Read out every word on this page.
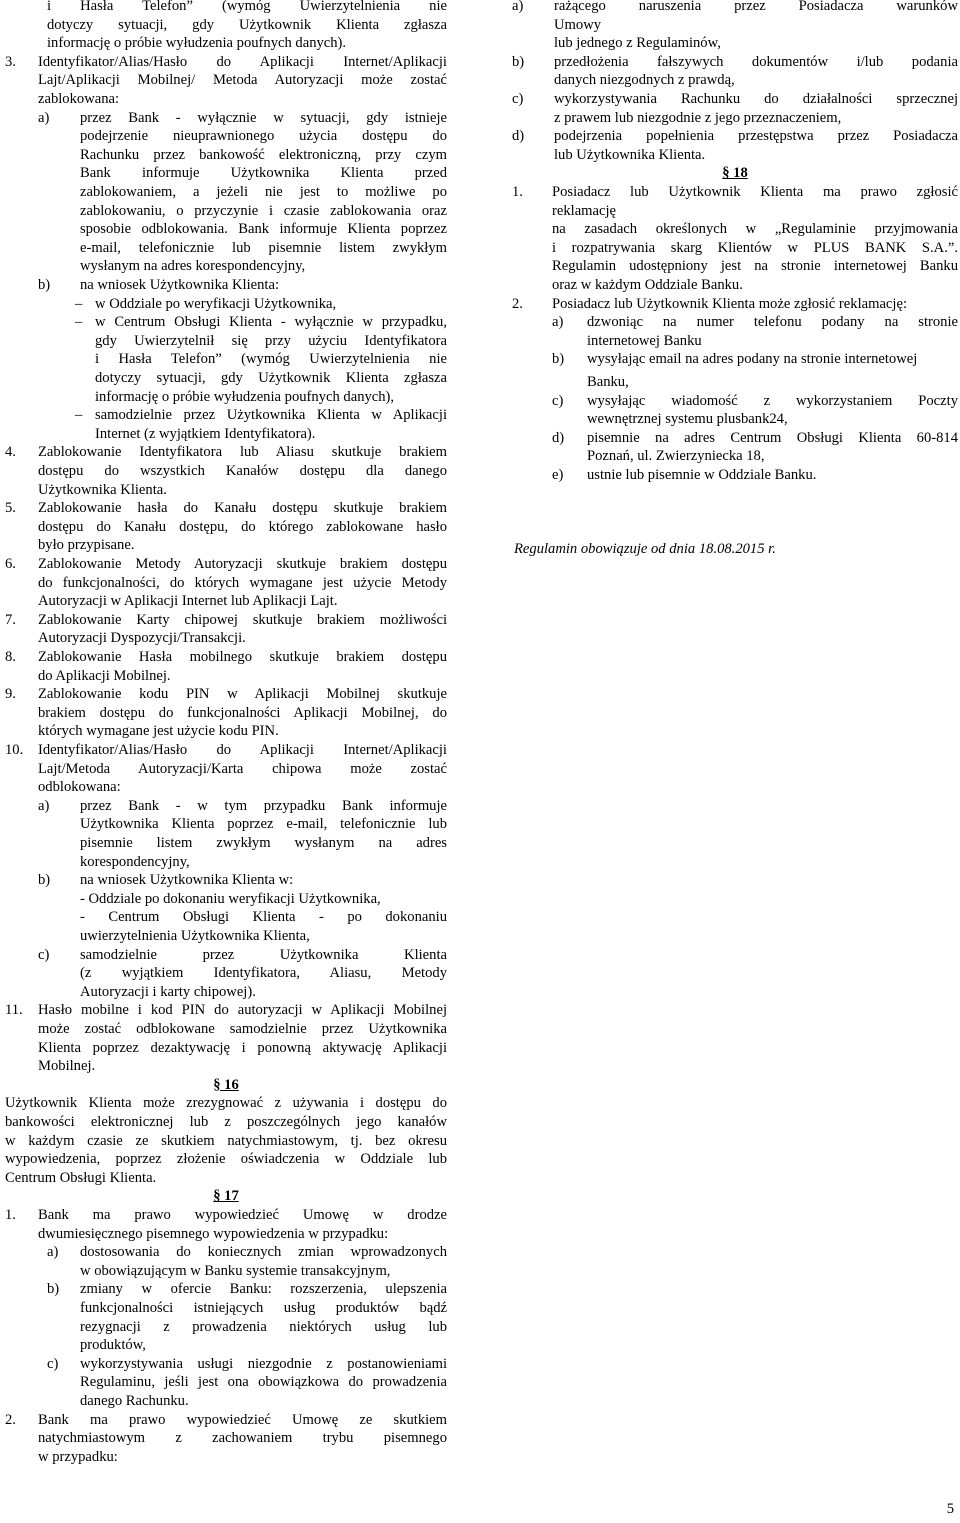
i Hasła Telefon” (wymóg Uwierzytelnienia nie
dotyczy sytuacji, gdy Użytkownik Klienta zgłasza
informację o próbie wyłudzenia poufnych danych).
3. Identyfikator/Alias/Hasło do Aplikacji Internet/Aplikacji
Lajt/Aplikacji Mobilnej/ Metoda Autoryzacji może zostać
zablokowana:
a) przez Bank - wyłącznie w sytuacji, gdy istnieje
podejrzenie nieuprawnionego użycia dostępu do
Rachunku przez bankowość elektroniczną, przy czym
Bank informuje Użytkownika Klienta przed
zablokowaniem, a jeżeli nie jest to możliwe po
zablokowaniu, o przyczynie i czasie zablokowania oraz
sposobie odblokowania. Bank informuje Klienta poprzez
e-mail, telefonicznie lub pisemnie listem zwykłym
wysłanym na adres korespondencyjny,
b) na wniosek Użytkownika Klienta:
– w Oddziale po weryfikacji Użytkownika,
– w Centrum Obsługi Klienta - wyłącznie w przypadku,
gdy Uwierzytelnił się przy użyciu Identyfikatora
i Hasła Telefon” (wymóg Uwierzytelnienia nie
dotyczy sytuacji, gdy Użytkownik Klienta zgłasza
informację o próbie wyłudzenia poufnych danych),
– samodzielnie przez Użytkownika Klienta w Aplikacji
Internet (z wyjątkiem Identyfikatora).
4. Zablokowanie Identyfikatora lub Aliasu skutkuje brakiem
dostępu do wszystkich Kanałów dostępu dla danego
Użytkownika Klienta.
5. Zablokowanie hasła do Kanału dostępu skutkuje brakiem
dostępu do Kanału dostępu, do którego zablokowane hasło
było przypisane.
6. Zablokowanie Metody Autoryzacji skutkuje brakiem dostępu
do funkcjonalności, do których wymagane jest użycie Metody
Autoryzacji w Aplikacji Internet lub Aplikacji Lajt.
7. Zablokowanie Karty chipowej skutkuje brakiem możliwości
Autoryzacji Dyspozycji/Transakcji.
8. Zablokowanie Hasła mobilnego skutkuje brakiem dostępu
do Aplikacji Mobilnej.
9. Zablokowanie kodu PIN w Aplikacji Mobilnej skutkuje
brakiem dostępu do funkcjonalności Aplikacji Mobilnej, do
których wymagane jest użycie kodu PIN.
10. Identyfikator/Alias/Hasło do Aplikacji Internet/Aplikacji
Lajt/Metoda Autoryzacji/Karta chipowa może zostać
odblokowana:
a) przez Bank - w tym przypadku Bank informuje
Użytkownika Klienta poprzez e-mail, telefonicznie lub
pisemnie listem zwykłym wysłanym na adres
korespondencyjny,
b) na wniosek Użytkownika Klienta w:
- Oddziale po dokonaniu weryfikacji Użytkownika,
- Centrum Obsługi Klienta - po dokonaniu
uwierzytelnienia Użytkownika Klienta,
c) samodzielnie przez Użytkownika Klienta
(z wyjątkiem Identyfikatora, Aliasu, Metody
Autoryzacji i karty chipowej).
11. Hasło mobilne i kod PIN do autoryzacji w Aplikacji Mobilnej
może zostać odblokowane samodzielnie przez Użytkownika
Klienta poprzez dezaktywację i ponowną aktywację Aplikacji
Mobilnej.
§ 16
Użytkownik Klienta może zrezygnować z używania i dostępu do
bankowości elektronicznej lub z poszczególnych jego kanałów
w każdym czasie ze skutkiem natychmiastowym, tj. bez okresu
wypowiedzenia, poprzez złożenie oświadczenia w Oddziale lub
Centrum Obsługi Klienta.
§ 17
1. Bank ma prawo wypowiedzieć Umowę w drodze
dwumiesięcznego pisemnego wypowiedzenia w przypadku:
a) dostosowania do koniecznych zmian wprowadzonych
w obowiązującym w Banku systemie transakcyjnym,
b) zmiany w ofercie Banku: rozszerzenia, ulepszenia
funkcjonalności istniejących usług produktów bądź
rezygnacji z prowadzenia niektórych usług lub
produktów,
c) wykorzystywania usługi niezgodnie z postanowieniami
Regulaminu, jeśli jest ona obowiązkowa do prowadzenia
danego Rachunku.
2. Bank ma prawo wypowiedzieć Umowę ze skutkiem
natychmiastowym z zachowaniem trybu pisemnego
w przypadku:
a) rażącego naruszenia przez Posiadacza warunków
Umowy
lub jednego z Regulaminów,
b) przedłożenia fałszywych dokumentów i/lub podania
danych niezgodnych z prawdą,
c) wykorzystywania Rachunku do działalności sprzecznej
z prawem lub niezgodnie z jego przeznaczeniem,
d) podejrzenia popełnienia przestępstwa przez Posiadacza
lub Użytkownika Klienta.
§ 18
1. Posiadacz lub Użytkownik Klienta ma prawo zgłosić
reklamację
na zasadach określonych w „Regulaminie przyjmowania
i rozpatrywania skarg Klientów w PLUS BANK S.A.”.
Regulamin udostępniony jest na stronie internetowej Banku
oraz w każdym Oddziale Banku.
2. Posiadacz lub Użytkownik Klienta może zgłosić reklamację:
a) dzwoniąc na numer telefonu podany na stronie
internetowej Banku
b) wysyłając email na adres podany na stronie internetowej
Banku,
c) wysyłając wiadomość z wykorzystaniem Poczty
wewnętrznej systemu plusbank24,
d) pisemnie na adres Centrum Obsługi Klienta 60-814
Poznań, ul. Zwierzyniecka 18,
e) ustnie lub pisemnie w Oddziale Banku.
Regulamin obowiązuje od dnia 18.08.2015 r.
5
